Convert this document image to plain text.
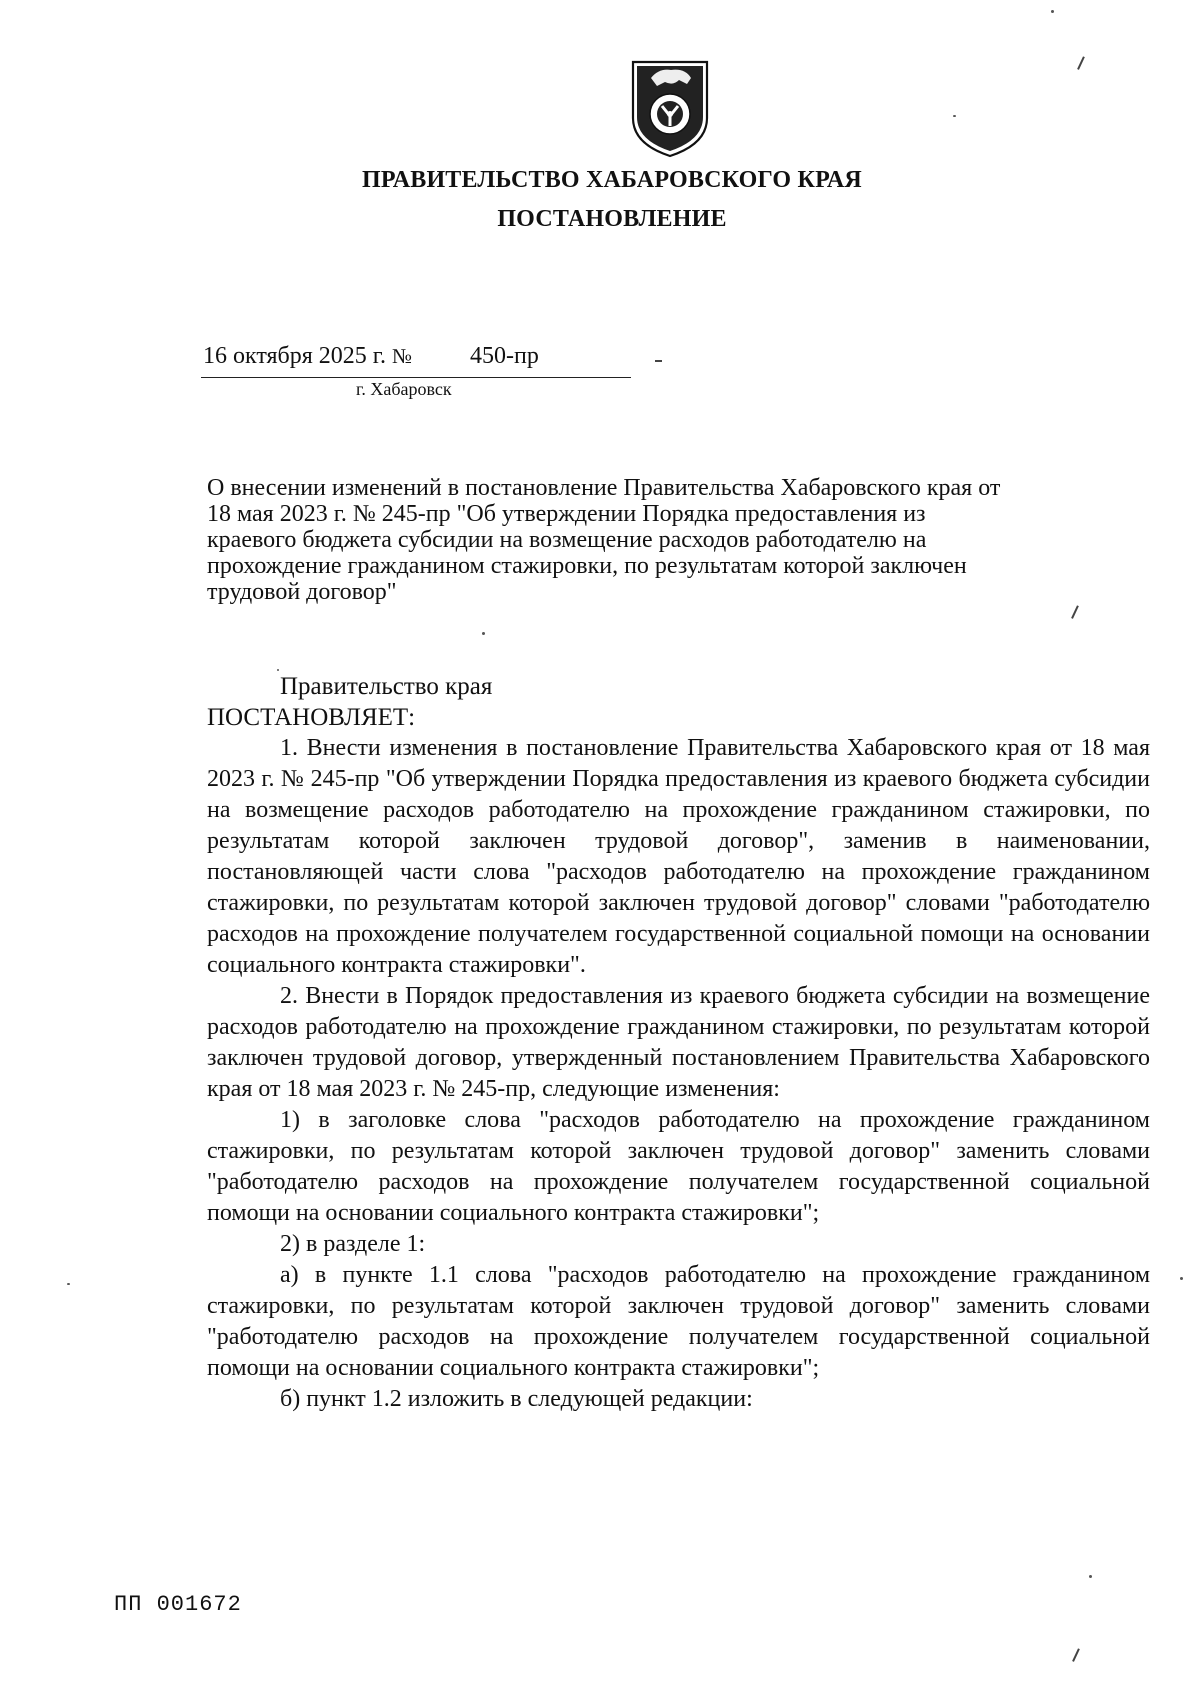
ПРАВИТЕЛЬСТВО ХАБАРОВСКОГО КРАЯ
ПОСТАНОВЛЕНИЕ
16 октября 2025 г. № 450-пр
г. Хабаровск

О внесении изменений в постановление Правительства Хабаровского края от

18 мая 2023 г. № 245-пр "Об утверждении Порядка предоставления из

краевого бюджета субсидии на возмещение расходов работодателю на

прохождение гражданином стажировки, по результатам которой заключен

трудовой договор"

Правительство края

ПОСТАНОВЛЯЕТ:

1. Внести изменения в постановление Правительства Хабаровского края от 18 мая 2023 г. № 245-пр "Об утверждении Порядка предоставления из краевого бюджета субсидии на возмещение расходов работодателю на прохождение гражданином стажировки, по результатам которой заключен трудовой договор", заменив в наименовании, постановляющей части слова "расходов работодателю на прохождение гражданином стажировки, по результатам которой заключен трудовой договор" словами "работодателю расходов на прохождение получателем государственной социальной помощи на основании социального контракта стажировки".

2. Внести в Порядок предоставления из краевого бюджета субсидии на возмещение расходов работодателю на прохождение гражданином стажировки, по результатам которой заключен трудовой договор, утвержденный постановлением Правительства Хабаровского края от 18 мая 2023 г. № 245-пр, следующие изменения:

1) в заголовке слова "расходов работодателю на прохождение гражданином стажировки, по результатам которой заключен трудовой договор" заменить словами "работодателю расходов на прохождение получателем государственной социальной помощи на основании социального контракта стажировки";

2) в разделе 1:

а) в пункте 1.1 слова "расходов работодателю на прохождение гражданином стажировки, по результатам которой заключен трудовой договор" заменить словами "работодателю расходов на прохождение получателем государственной социальной помощи на основании социального контракта стажировки";

б) пункт 1.2 изложить в следующей редакции:

ПП 001672
